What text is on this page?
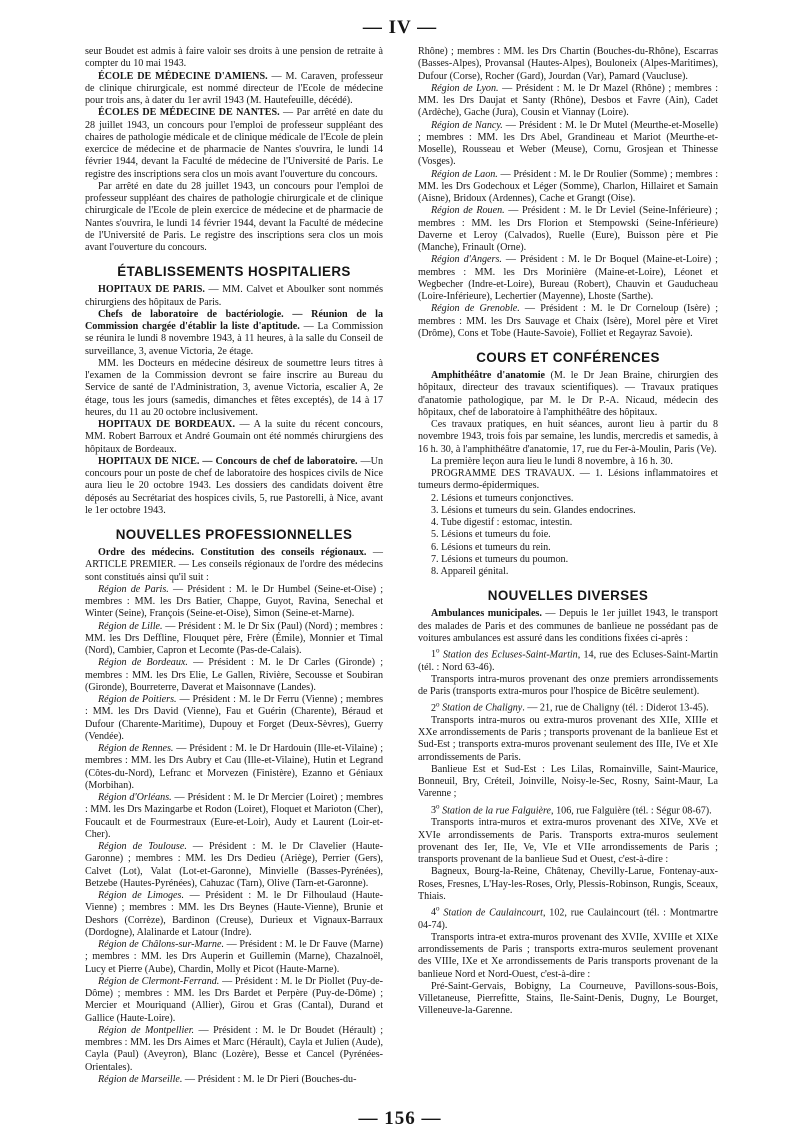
— IV —

seur Boudet est admis à faire valoir ses droits à une pension de retraite à compter du 10 mai 1943.

ÉCOLE DE MÉDECINE D'AMIENS. — M. Caraven, professeur de clinique chirurgicale, est nommé directeur de l'Ecole de médecine pour trois ans, à dater du 1er avril 1943 (M. Hautefeuille, décédé).

ÉCOLES DE MÉDECINE DE NANTES. — Par arrêté en date du 28 juillet 1943, un concours pour l'emploi de professeur suppléant des chaires de pathologie médicale et de clinique médicale de l'Ecole de plein exercice de médecine et de pharmacie de Nantes s'ouvrira, le lundi 14 février 1944, devant la Faculté de médecine de l'Université de Paris. Le registre des inscriptions sera clos un mois avant l'ouverture du concours.

Par arrêté en date du 28 juillet 1943, un concours pour l'emploi de professeur suppléant des chaires de pathologie chirurgicale et de clinique chirurgicale de l'Ecole de plein exercice de médecine et de pharmacie de Nantes s'ouvrira, le lundi 14 février 1944, devant la Faculté de médecine de l'Université de Paris. Le registre des inscriptions sera clos un mois avant l'ouverture du concours.

ÉTABLISSEMENTS HOSPITALIERS

HOPITAUX DE PARIS. — MM. Calvet et Aboulker sont nommés chirurgiens des hôpitaux de Paris.

Chefs de laboratoire de bactériologie. — Réunion de la Commission chargée d'établir la liste d'aptitude. — La Commission se réunira le lundi 8 novembre 1943, à 11 heures, à la salle du Conseil de surveillance, 3, avenue Victoria, 2e étage.

MM. les Docteurs en médecine désireux de soumettre leurs titres à l'examen de la Commission devront se faire inscrire au Bureau du Service de santé de l'Administration, 3, avenue Victoria, escalier A, 2e étage, tous les jours (samedis, dimanches et fêtes exceptés), de 14 à 17 heures, du 11 au 20 octobre inclusivement.

HOPITAUX DE BORDEAUX. — A la suite du récent concours, MM. Robert Barroux et André Goumain ont été nommés chirurgiens des hôpitaux de Bordeaux.

HOPITAUX DE NICE. — Concours de chef de laboratoire. —Un concours pour un poste de chef de laboratoire des hospices civils de Nice aura lieu le 20 octobre 1943. Les dossiers des candidats doivent être déposés au Secrétariat des hospices civils, 5, rue Pastorelli, à Nice, avant le 1er octobre 1943.

NOUVELLES PROFESSIONNELLES

Ordre des médecins. Constitution des conseils régionaux. — ARTICLE PREMIER. — Les conseils régionaux de l'ordre des médecins sont constitués ainsi qu'il suit :

Région de Paris. — Président : M. le Dr Humbel (Seine-et-Oise) ; membres : MM. les Drs Batier, Chappe, Guyot, Ravina, Senechal et Winter (Seine), François (Seine-et-Oise), Simon (Seine-et-Marne).

Région de Lille. — Président : M. le Dr Six (Paul) (Nord) ; membres : MM. les Drs Deffline, Flouquet père, Frère (Émile), Monnier et Timal (Nord), Cambier, Capron et Lecomte (Pas-de-Calais).

Région de Bordeaux. — Président : M. le Dr Carles (Gironde) ; membres : MM. les Drs Elie, Le Gallen, Rivière, Secousse et Soubiran (Gironde), Bourreterre, Daverat et Maisonnave (Landes).

Région de Poitiers. — Président : M. le Dr Ferru (Vienne) ; membres : MM. les Drs David (Vienne), Fau et Guérin (Charente), Béraud et Dufour (Charente-Maritime), Dupouy et Forget (Deux-Sèvres), Guerry (Vendée).

Région de Rennes. — Président : M. le Dr Hardouin (Ille-et-Vilaine) ; membres : MM. les Drs Aubry et Cau (Ille-et-Vilaine), Hutin et Legrand (Côtes-du-Nord), Lefranc et Morvezen (Finistère), Ezanno et Géniaux (Morbihan).

Région d'Orléans. — Président : M. le Dr Mercier (Loiret) ; membres : MM. les Drs Mazingarbe et Rodon (Loiret), Floquet et Marioton (Cher), Foucault et de Fourmestraux (Eure-et-Loir), Audy et Laurent (Loir-et-Cher).

Région de Toulouse. — Président : M. le Dr Clavelier (Haute-Garonne) ; membres : MM. les Drs Dedieu (Ariège), Perrier (Gers), Calvet (Lot), Valat (Lot-et-Garonne), Minvielle (Basses-Pyrénées), Betzebe (Hautes-Pyrénées), Cahuzac (Tarn), Olive (Tarn-et-Garonne).

Région de Limoges. — Président : M. le Dr Filhoulaud (Haute-Vienne) ; membres : MM. les Drs Beynes (Haute-Vienne), Brunie et Deshors (Corrèze), Bardinon (Creuse), Durieux et Vignaux-Barraux (Dordogne), Alalinarde et Latour (Indre).

Région de Châlons-sur-Marne. — Président : M. le Dr Fauve (Marne) ; membres : MM. les Drs Auperin et Guillemin (Marne), Chazalnoël, Lucy et Pierre (Aube), Chardin, Molly et Picot (Haute-Marne).

Région de Clermont-Ferrand. — Président : M. le Dr Piollet (Puy-de-Dôme) ; membres : MM. les Drs Bardet et Perpère (Puy-de-Dôme) ; Mercier et Mouriquand (Allier), Girou et Gras (Cantal), Durand et Gallice (Haute-Loire).

Région de Montpellier. — Président : M. le Dr Boudet (Hérault) ; membres : MM. les Drs Aimes et Marc (Hérault), Cayla et Julien (Aude), Cayla (Paul) (Aveyron), Blanc (Lozère), Besse et Cancel (Pyrénées-Orientales).

Région de Marseille. — Président : M. le Dr Pieri (Bouches-du-

Rhône) ; membres : MM. les Drs Chartin (Bouches-du-Rhône), Escarras (Basses-Alpes), Provansal (Hautes-Alpes), Bouloneix (Alpes-Maritimes), Dufour (Corse), Rocher (Gard), Jourdan (Var), Pamard (Vaucluse).

Région de Lyon. — Président : M. le Dr Mazel (Rhône) ; membres : MM. les Drs Daujat et Santy (Rhône), Desbos et Favre (Ain), Cadet (Ardèche), Gache (Jura), Cousin et Viannay (Loire).

Région de Nancy. — Président : M. le Dr Mutel (Meurthe-et-Moselle) ; membres : MM. les Drs Abel, Grandineau et Mariot (Meurthe-et-Moselle), Rousseau et Weber (Meuse), Cornu, Grosjean et Thinesse (Vosges).

Région de Laon. — Président : M. le Dr Roulier (Somme) ; membres : MM. les Drs Godechoux et Léger (Somme), Charlon, Hillairet et Samain (Aisne), Bridoux (Ardennes), Cache et Grangt (Oise).

Région de Rouen. — Président : M. le Dr Leviel (Seine-Inférieure) ; membres : MM. les Drs Florion et Stempowski (Seine-Inférieure) Daverne et Leroy (Calvados), Ruelle (Eure), Buisson père et Pie (Manche), Frinault (Orne).

Région d'Angers. — Président : M. le Dr Boquel (Maine-et-Loire) ; membres : MM. les Drs Morinière (Maine-et-Loire), Léonet et Wegbecher (Indre-et-Loire), Bureau (Robert), Chauvin et Gauducheau (Loire-Inférieure), Lechertier (Mayenne), Lhoste (Sarthe).

Région de Grenoble. — Président : M. le Dr Corneloup (Isère) ; membres : MM. les Drs Sauvage et Chaix (Isère), Morel père et Viret (Drôme), Cons et Tobe (Haute-Savoie), Folliet et Regayraz Savoie).

COURS ET CONFÉRENCES

Amphithéâtre d'anatomie (M. le Dr Jean Braine, chirurgien des hôpitaux, directeur des travaux scientifiques). — Travaux pratiques d'anatomie pathologique, par M. le Dr P.-A. Nicaud, médecin des hôpitaux, chef de laboratoire à l'amphithéâtre des hôpitaux.

Ces travaux pratiques, en huit séances, auront lieu à partir du 8 novembre 1943, trois fois par semaine, les lundis, mercredis et samedis, à 16 h. 30, à l'amphithéâtre d'anatomie, 17, rue du Fer-à-Moulin, Paris (Ve).

La première leçon aura lieu le lundi 8 novembre, à 16 h. 30.

PROGRAMME DES TRAVAUX. — 1. Lésions inflammatoires et tumeurs dermo-épidermiques.

2. Lésions et tumeurs conjonctives.
3. Lésions et tumeurs du sein. Glandes endocrines.
4. Tube digestif : estomac, intestin.
5. Lésions et tumeurs du foie.
6. Lésions et tumeurs du rein.
7. Lésions et tumeurs du poumon.
8. Appareil génital.
NOUVELLES DIVERSES

Ambulances municipales. — Depuis le 1er juillet 1943, le transport des malades de Paris et des communes de banlieue ne possédant pas de voitures ambulances est assuré dans les conditions fixées ci-après :

1$^o$ Station des Ecluses-Saint-Martin, 14, rue des Ecluses-Saint-Martin (tél. : Nord 63-46).

Transports intra-muros provenant des onze premiers arrondissements de Paris (transports extra-muros pour l'hospice de Bicêtre seulement).

2$^o$ Station de Chaligny. — 21, rue de Chaligny (tél. : Diderot 13-45).

Transports intra-muros ou extra-muros provenant des XIIe, XIIIe et XXe arrondissements de Paris ; transports provenant de la banlieue Est et Sud-Est ; transports extra-muros provenant seulement des IIIe, IVe et XIe arrondissements de Paris.

Banlieue Est et Sud-Est : Les Lilas, Romainville, Saint-Maurice, Bonneuil, Bry, Créteil, Joinville, Noisy-le-Sec, Rosny, Saint-Maur, La Varenne ;

3$^o$ Station de la rue Falguière, 106, rue Falguière (tél. : Ségur 08-67).

Transports intra-muros et extra-muros provenant des XIVe, XVe et XVIe arrondissements de Paris. Transports extra-muros seulement provenant des Ier, IIe, Ve, VIe et VIIe arrondissements de Paris ; transports provenant de la banlieue Sud et Ouest, c'est-à-dire :

Bagneux, Bourg-la-Reine, Châtenay, Chevilly-Larue, Fontenay-aux-Roses, Fresnes, L'Hay-les-Roses, Orly, Plessis-Robinson, Rungis, Sceaux, Thiais.

4$^o$ Station de Caulaincourt, 102, rue Caulaincourt (tél. : Montmartre 04-74).

Transports intra-et extra-muros provenant des XVIIe, XVIIIe et XIXe arrondissements de Paris ; transports extra-muros seulement provenant des VIIIe, IXe et Xe arrondissements de Paris transports provenant de la banlieue Nord et Nord-Ouest, c'est-à-dire :

Pré-Saint-Gervais, Bobigny, La Courneuve, Pavillons-sous-Bois, Villetaneuse, Pierrefitte, Stains, Ile-Saint-Denis, Dugny, Le Bourget, Villeneuve-la-Garenne.

— 156 —
